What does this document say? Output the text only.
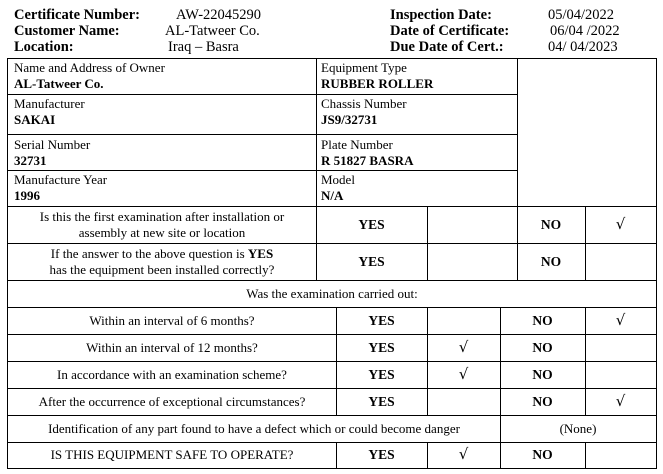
Certificate Number: AW-22045290
Customer Name:	AL-Tatweer Co.
Location:	Iraq – Basra
Inspection Date:	05/04/2022
Date of Certificate:	06/04 /2022
Due Date of Cert.:	04/ 04/2023
Name and Address of Owner
AL-Tatweer Co.
Equipment Type
RUBBER ROLLER
Manufacturer
SAKAI
Chassis Number
JS9/32731
Serial Number
32731
Plate Number
R 51827 BASRA
Manufacture Year
1996
Model
N/A
Is this the first examination after installation or
assembly at new site or location
YES	NO	√
If the answer to the above question is YES
has the equipment been installed correctly?
YES	NO
Was the examination carried out:
Within an interval of 6 months?	YES	NO	√
Within an interval of 12 months?	YES	√	NO
In accordance with an examination scheme?	YES	√	NO
After the occurrence of exceptional circumstances?	YES	NO	√
Identification of any part found to have a defect which or could become danger	(None)
IS THIS EQUIPMENT SAFE TO OPERATE?	YES	√	NO
